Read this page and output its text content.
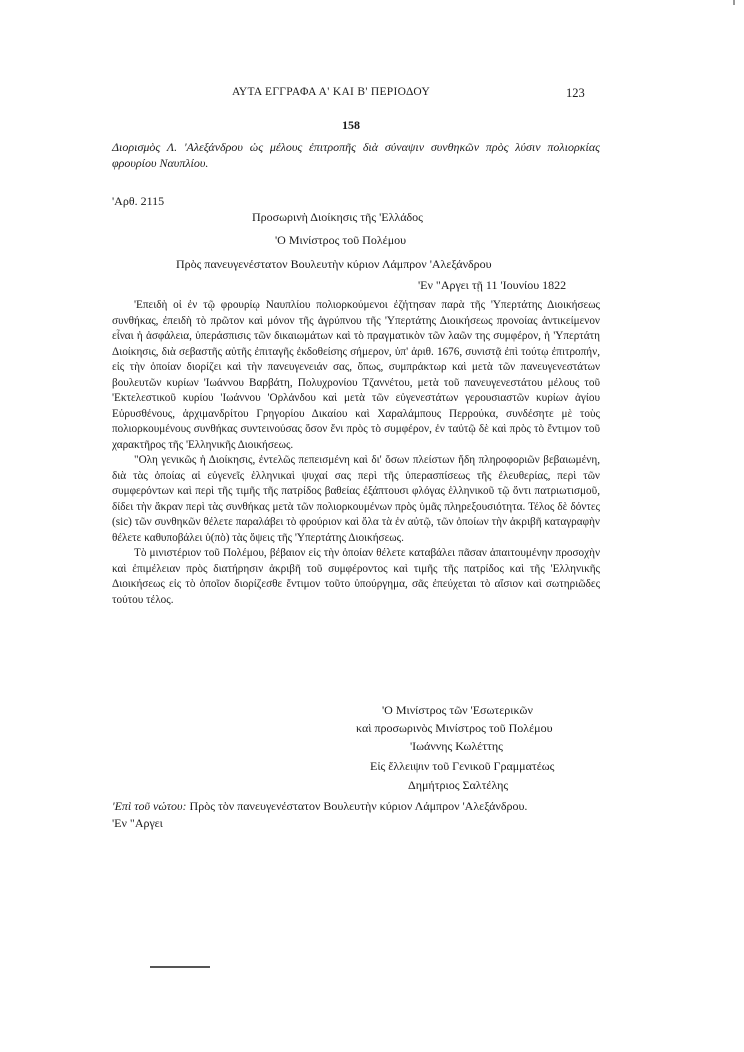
ΑΥΤΑ ΕΓΓΡΑΦΑ Α' ΚΑΙ Β' ΠΕΡΙΟΔΟΥ	123
158
Διορισμὸς Λ. 'Αλεξάνδρου ὡς μέλους ἐπιτροπῆς διὰ σύναψιν συνθηκῶν πρὸς λύσιν πολιορκίας φρουρίου Ναυπλίου.
'Αρθ. 2115
Προσωρινὴ Διοίκησις τῆς 'Ελλάδος
'Ο Μινίστρος τοῦ Πολέμου
Πρὸς πανευγενέστατον Βουλευτὴν κύριον Λάμπρον 'Αλεξάνδρου
'Εν "Αργει τῇ 11 'Ιουνίου 1822

'Επειδὴ οἱ ἐν τῷ φρουρίῳ Ναυπλίου πολιορκούμενοι ἐζήτησαν παρὰ τῆς 'Υπερτάτης Διοικήσεως συνθήκας, ἐπειδὴ τὸ πρῶτον καὶ μόνον τῆς ἀγρύπνου τῆς 'Υπερτάτης Διοικήσεως προνοίας ἀντικείμενον εἶναι ἡ ἀσφάλεια, ὑπεράσπισις τῶν δικαιωμάτων καὶ τὸ πραγματικὸν τῶν λαῶν της συμφέρον, ἡ 'Υπερτάτη Διοίκησις, διὰ σεβαστῆς αὐτῆς ἐπιταγῆς ἐκδοθείσης σήμερον, ὑπ' ἀριθ. 1676, συνιστᾷ ἐπὶ τούτῳ ἐπιτροπήν, εἰς τὴν ὁποίαν διορίζει καὶ τὴν πανευγενειάν σας, ὅπως, συμπράκτωρ καὶ μετὰ τῶν πανευγενεστάτων βουλευτῶν κυρίων 'Ιωάννου Βαρβάτη, Πολυχρονίου Τζαννέτου, μετὰ τοῦ πανευγενεστάτου μέλους τοῦ 'Εκτελεστικοῦ κυρίου 'Ιωάννου 'Ορλάνδου καὶ μετὰ τῶν εὐγενεστάτων γερουσιαστῶν κυρίων ἁγίου Εὐρυσθένους, ἀρχιμανδρίτου Γρηγορίου Δικαίου καὶ Χαραλάμπους Περρούκα, συνδέσητε μὲ τοὺς πολιορκουμένους συνθήκας συντεινούσας ὅσον ἕνι πρὸς τὸ συμφέρον, ἐν ταὐτῷ δὲ καὶ πρὸς τὸ ἔντιμον τοῦ χαρακτῆρος τῆς 'Ελληνικῆς Διοικήσεως.

"Ολη γενικῶς ἡ Διοίκησις, ἐντελῶς πεπεισμένη καὶ δι' ὅσων πλείστων ἤδη πληροφοριῶν βεβαιωμένη, διὰ τὰς ὁποίας αἱ εὐγενεῖς ἑλληνικαὶ ψυχαί σας περὶ τῆς ὑπερασπίσεως τῆς ἐλευθερίας, περὶ τῶν συμφερόντων καὶ περὶ τῆς τιμῆς τῆς πατρίδος βαθείας ἐξάπτουσι φλόγας ἑλληνικοῦ τῷ ὄντι πατριωτισμοῦ, δίδει τὴν ἄκραν περὶ τὰς συνθήκας μετὰ τῶν πολιορκουμένων πρὸς ὑμᾶς πληρεξουσιότητα. Τέλος δὲ δόντες (sic) τῶν συνθηκῶν θέλετε παραλάβει τὸ φρούριον καὶ ὅλα τὰ ἐν αὐτῷ, τῶν ὁποίων τὴν ἀκριβῆ καταγραφὴν θέλετε καθυποβάλει ὑ(πὸ) τὰς ὄψεις τῆς 'Υπερτάτης Διοικήσεως.

Τὸ μινιστέριον τοῦ Πολέμου, βέβαιον εἰς τὴν ὁποίαν θέλετε καταβάλει πᾶσαν ἀπαιτουμένην προσοχὴν καὶ ἐπιμέλειαν πρὸς διατήρησιν ἀκριβῆ τοῦ συμφέροντος καὶ τιμῆς τῆς πατρίδος καὶ τῆς 'Ελληνικῆς Διοικήσεως εἰς τὸ ὁποῖον διορίζεσθε ἔντιμον τοῦτο ὑπούργημα, σᾶς ἐπεύχεται τὸ αἴσιον καὶ σωτηριῶδες τούτου τέλος.

'Ο Μινίστρος τῶν 'Εσωτερικῶν
καὶ προσωρινὸς Μινίστρος τοῦ Πολέμου
'Ιωάννης Κωλέττης
Εἰς ἔλλειψιν τοῦ Γενικοῦ Γραμματέως
Δημήτριος Σαλτέλης
'Επὶ τοῦ νώτου: Πρὸς τὸν πανευγενέστατον Βουλευτὴν κύριον Λάμπρον 'Αλεξάνδρου.
'Εν "Αργει
